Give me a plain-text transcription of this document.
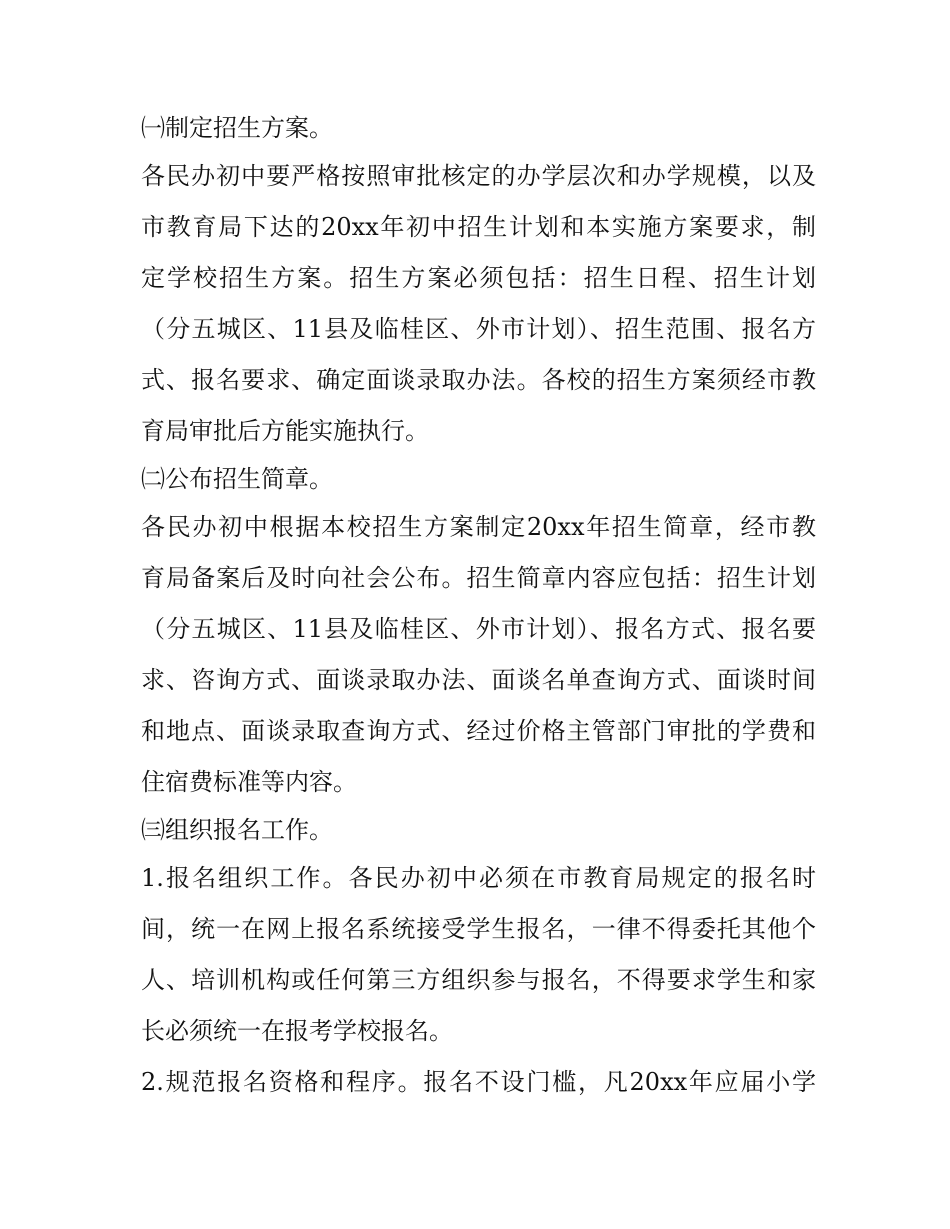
㈠制定招生方案。
各民办初中要严格按照审批核定的办学层次和办学规模，以及
市教育局下达的20xx年初中招生计划和本实施方案要求，制
定学校招生方案。招生方案必须包括：招生日程、招生计划
（分五城区、11县及临桂区、外市计划）、招生范围、报名方
式、报名要求、确定面谈录取办法。各校的招生方案须经市教
育局审批后方能实施执行。
㈡公布招生简章。
各民办初中根据本校招生方案制定20xx年招生简章，经市教
育局备案后及时向社会公布。招生简章内容应包括：招生计划
（分五城区、11县及临桂区、外市计划）、报名方式、报名要
求、咨询方式、面谈录取办法、面谈名单查询方式、面谈时间
和地点、面谈录取查询方式、经过价格主管部门审批的学费和
住宿费标准等内容。
㈢组织报名工作。
1.报名组织工作。各民办初中必须在市教育局规定的报名时
间，统一在网上报名系统接受学生报名，一律不得委托其他个
人、培训机构或任何第三方组织参与报名，不得要求学生和家
长必须统一在报考学校报名。
2.规范报名资格和程序。报名不设门槛，凡20xx年应届小学
